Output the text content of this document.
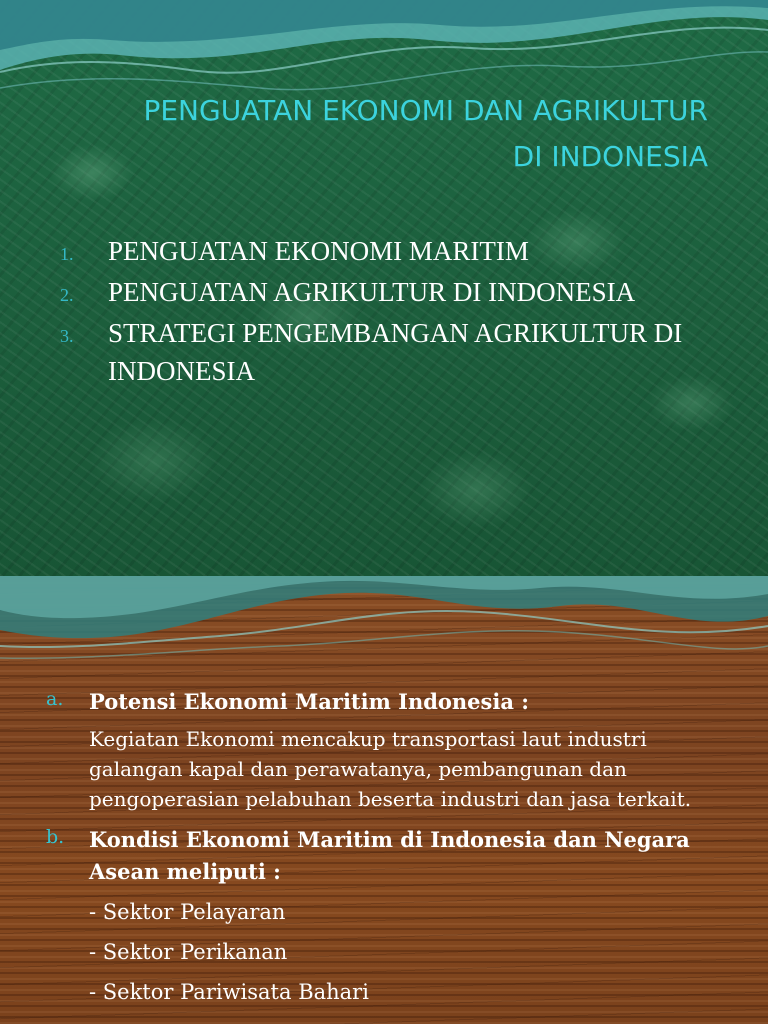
PENGUATAN EKONOMI DAN AGRIKULTUR
DI INDONESIA
1. PENGUATAN EKONOMI MARITIM
2. PENGUATAN AGRIKULTUR DI INDONESIA
3. STRATEGI PENGEMBANGAN AGRIKULTUR DI INDONESIA
a. Potensi Ekonomi Maritim Indonesia :
Kegiatan Ekonomi mencakup transportasi laut industri galangan kapal dan perawatanya, pembangunan dan pengoperasian pelabuhan beserta industri dan jasa terkait.
b. Kondisi Ekonomi Maritim di Indonesia dan Negara Asean meliputi :
- Sektor Pelayaran
- Sektor Perikanan
- Sektor Pariwisata Bahari
